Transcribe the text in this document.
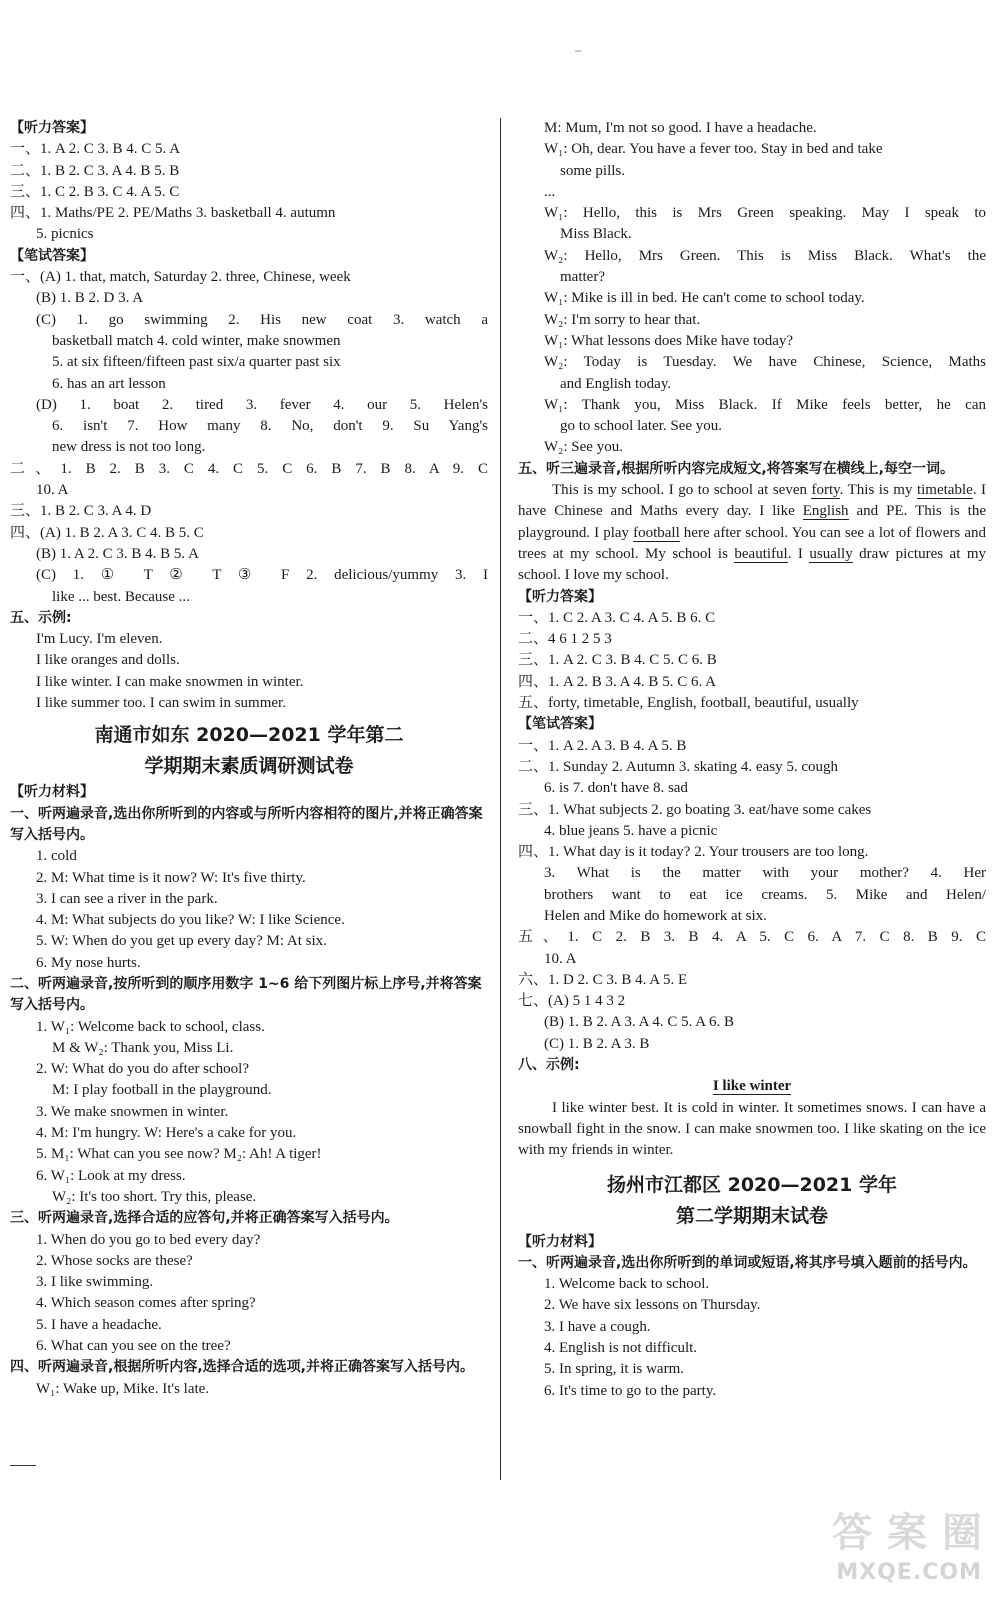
【听力答案】
一、1. A 2. C 3. B 4. C 5. A
二、1. B 2. C 3. A 4. B 5. B
三、1. C 2. B 3. C 4. A 5. C
四、1. Maths/PE 2. PE/Maths 3. basketball 4. autumn
5. picnics
【笔试答案】
一、(A) 1. that, match, Saturday 2. three, Chinese, week
(B) 1. B 2. D 3. A
(C) 1. go swimming 2. His new coat 3. watch a
basketball match 4. cold winter, make snowmen
5. at six fifteen/fifteen past six/a quarter past six
6. has an art lesson
(D) 1. boat 2. tired 3. fever 4. our 5. Helen's
6. isn't 7. How many 8. No, don't 9. Su Yang's
new dress is not too long.
二、1. B 2. B 3. C 4. C 5. C 6. B 7. B 8. A 9. C
10. A
三、1. B 2. C 3. A 4. D
四、(A) 1. B 2. A 3. C 4. B 5. C
(B) 1. A 2. C 3. B 4. B 5. A
(C) 1. ① T ② T ③ F 2. delicious/yummy 3. I
like ... best. Because ...
五、示例:
I'm Lucy. I'm eleven.
I like oranges and dolls.
I like winter. I can make snowmen in winter.
I like summer too. I can swim in summer.
南通市如东 2020—2021 学年第二
学期期末素质调研测试卷
【听力材料】
一、听两遍录音,选出你所听到的内容或与所听内容相符的图片,并将正确答案写入括号内。
1. cold
2. M: What time is it now? W: It's five thirty.
3. I can see a river in the park.
4. M: What subjects do you like? W: I like Science.
5. W: When do you get up every day? M: At six.
6. My nose hurts.
二、听两遍录音,按所听到的顺序用数字 1~6 给下列图片标上序号,并将答案写入括号内。
1. W₁: Welcome back to school, class.
M & W₂: Thank you, Miss Li.
2. W: What do you do after school?
M: I play football in the playground.
3. We make snowmen in winter.
4. M: I'm hungry. W: Here's a cake for you.
5. M₁: What can you see now? M₂: Ah! A tiger!
6. W₁: Look at my dress.
W₂: It's too short. Try this, please.
三、听两遍录音,选择合适的应答句,并将正确答案写入括号内。
1. When do you go to bed every day?
2. Whose socks are these?
3. I like swimming.
4. Which season comes after spring?
5. I have a headache.
6. What can you see on the tree?
四、听两遍录音,根据所听内容,选择合适的选项,并将正确答案写入括号内。
W₁: Wake up, Mike. It's late.
M: Mum, I'm not so good. I have a headache.
W₁: Oh, dear. You have a fever too. Stay in bed and take
some pills.
...
W₁: Hello, this is Mrs Green speaking. May I speak to
Miss Black.
W₂: Hello, Mrs Green. This is Miss Black. What's the
matter?
W₁: Mike is ill in bed. He can't come to school today.
W₂: I'm sorry to hear that.
W₁: What lessons does Mike have today?
W₂: Today is Tuesday. We have Chinese, Science, Maths
and English today.
W₁: Thank you, Miss Black. If Mike feels better, he can
go to school later. See you.
W₂: See you.
五、听三遍录音,根据所听内容完成短文,将答案写在横线上,每空一词。
This is my school. I go to school at seven forty. This is my timetable. I have Chinese and Maths every day. I like English and PE. This is the playground. I play football here after school. You can see a lot of flowers and trees at my school. My school is beautiful. I usually draw pictures at my school. I love my school.
【听力答案】
一、1. C 2. A 3. C 4. A 5. B 6. C
二、4 6 1 2 5 3
三、1. A 2. C 3. B 4. C 5. C 6. B
四、1. A 2. B 3. A 4. B 5. C 6. A
五、forty, timetable, English, football, beautiful, usually
【笔试答案】
一、1. A 2. A 3. B 4. A 5. B
二、1. Sunday 2. Autumn 3. skating 4. easy 5. cough
6. is 7. don't have 8. sad
三、1. What subjects 2. go boating 3. eat/have some cakes
4. blue jeans 5. have a picnic
四、1. What day is it today? 2. Your trousers are too long.
3. What is the matter with your mother? 4. Her
brothers want to eat ice creams. 5. Mike and Helen/
Helen and Mike do homework at six.
五、1. C 2. B 3. B 4. A 5. C 6. A 7. C 8. B 9. C
10. A
六、1. D 2. C 3. B 4. A 5. E
七、(A) 5 1 4 3 2
(B) 1. B 2. A 3. A 4. C 5. A 6. B
(C) 1. B 2. A 3. B
八、示例:
I like winter
I like winter best. It is cold in winter. It sometimes snows. I can have a snowball fight in the snow. I can make snowmen too. I like skating on the ice with my friends in winter.
扬州市江都区 2020—2021 学年
第二学期期末试卷
【听力材料】
一、听两遍录音,选出你所听到的单词或短语,将其序号填入题前的括号内。
1. Welcome back to school.
2. We have six lessons on Thursday.
3. I have a cough.
4. English is not difficult.
5. In spring, it is warm.
6. It's time to go to the party.
答 案 圈
MXQE.COM
